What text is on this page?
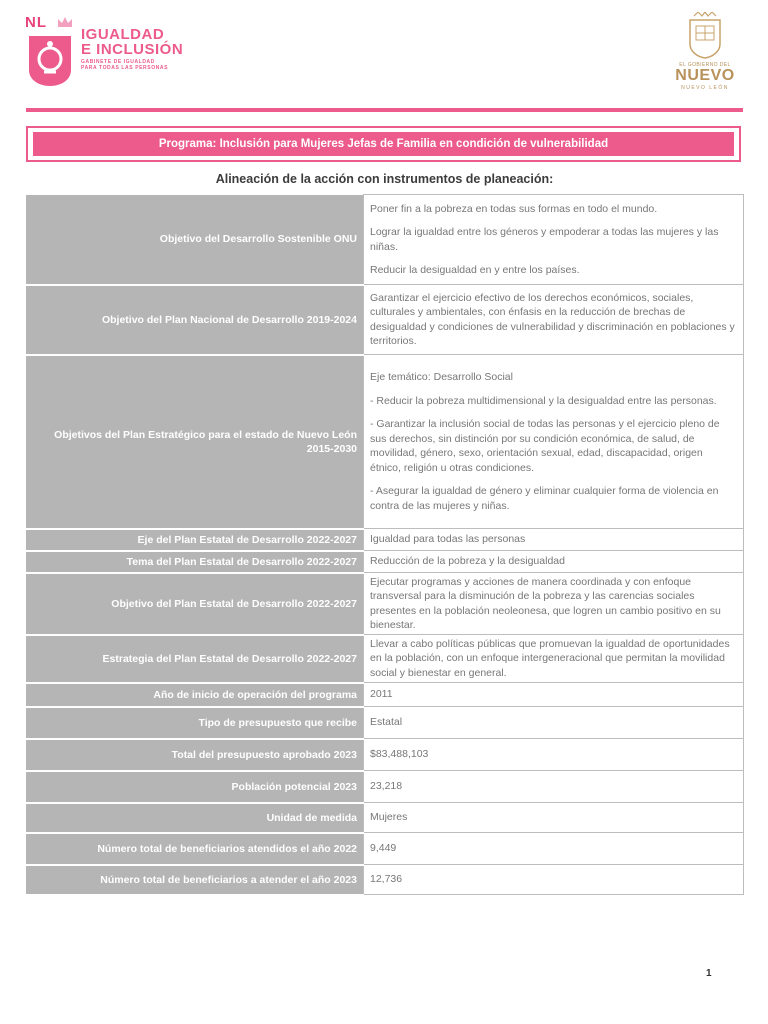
NL
IGUALDAD
E INCLUSIÓN
GABINETE DE IGUALDAD
PARA TODAS LAS PERSONAS	EL GOBIERNO DEL
NUEVO
NUEVO LEÓN
Programa: Inclusión para Mujeres Jefas de Familia en condición de vulnerabilidad
Alineación de la acción con instrumentos de planeación:
Objetivo del Desarrollo Sostenible ONU	Poner fin a la pobreza en todas sus formas en todo el mundo.

Lograr la igualdad entre los géneros y empoderar a todas las mujeres y las niñas.

Reducir la desigualdad en y entre los países.

Objetivo del Plan Nacional de Desarrollo 2019-2024	Garantizar el ejercicio efectivo de los derechos económicos, sociales, culturales y ambientales, con énfasis en la reducción de brechas de desigualdad y condiciones de vulnerabilidad y discriminación en poblaciones y territorios.

Objetivos del Plan Estratégico para el estado de Nuevo León 2015-2030	Eje temático: Desarrollo Social

- Reducir la pobreza multidimensional y la desigualdad entre las personas.

- Garantizar la inclusión social de todas las personas y el ejercicio pleno de sus derechos, sin distinción por su condición económica, de salud, de movilidad, género, sexo, orientación sexual, edad, discapacidad, origen étnico, religión u otras condiciones.

- Asegurar la igualdad de género y eliminar cualquier forma de violencia en contra de las mujeres y niñas.

Eje del Plan Estatal de Desarrollo 2022-2027	Igualdad para todas las personas
Tema del Plan Estatal de Desarrollo 2022-2027	Reducción de la pobreza y la desigualdad
Objetivo del Plan Estatal de Desarrollo 2022-2027	Ejecutar programas y acciones de manera coordinada y con enfoque transversal para la disminución de la pobreza y las carencias sociales presentes en la población neoleonesa, que logren un cambio positivo en su bienestar.

Estrategia del Plan Estatal de Desarrollo 2022-2027	Llevar a cabo políticas públicas que promuevan la igualdad de oportunidades en la población, con un enfoque intergeneracional que permitan la movilidad social y bienestar en general.

Año de inicio de operación del programa	2011
Tipo de presupuesto que recibe	Estatal
Total del presupuesto aprobado 2023	$83,488,103
Población potencial 2023	23,218
Unidad de medida	Mujeres
Número total de beneficiarios atendidos el año 2022	9,449
Número total de beneficiarios a atender el año 2023	12,736
1
